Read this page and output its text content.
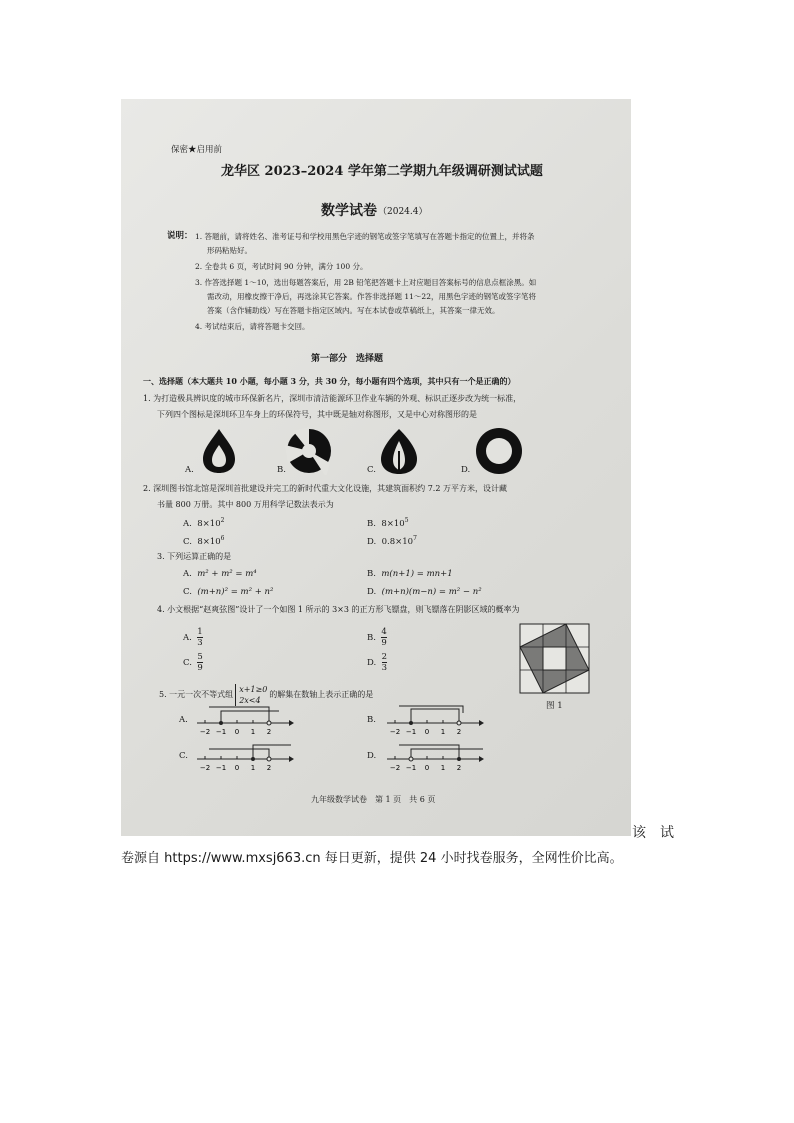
保密★启用前
龙华区 2023–2024 学年第二学期九年级调研测试试题
数学试卷 （2024.4）
说明： 1. 答题前，请将姓名、准考证号和学校用黑色字迹的钢笔或签字笔填写在答题卡指定的位置上，并将条
形码粘贴好。
2. 全卷共 6 页，考试时间 90 分钟，满分 100 分。
3. 作答选择题 1～10，选出每题答案后，用 2B 铅笔把答题卡上对应题目答案标号的信息点框涂黑。如
需改动，用橡皮擦干净后，再选涂其它答案。作答非选择题 11～22，用黑色字迹的钢笔或签字笔将
答案（含作辅助线）写在答题卡指定区域内。写在本试卷或草稿纸上，其答案一律无效。
4. 考试结束后，请将答题卡交回。
第一部分　选择题
一、选择题（本大题共 10 小题，每小题 3 分，共 30 分，每小题有四个选项，其中只有一个是正确的）
1. 为打造极具辨识度的城市环保新名片，深圳市清洁能源环卫作业车辆的外观、标识正逐步改为统一标准，
下列四个图标是深圳环卫车身上的环保符号，其中既是轴对称图形，又是中心对称图形的是
A.	B.	C.	D.
2. 深圳图书馆北馆是深圳首批建设并完工的新时代重大文化设施，其建筑面积约 7.2 万平方米，设计藏
书量 800 万册。其中 800 万用科学记数法表示为
A. $8\times 10^2$	B. $8\times 10^5$
C. $8\times 10^6$	D. $0.8\times 10^7$
3. 下列运算正确的是
A. m² + m² = m⁴	B. m(n+1) = mn+1
C. (m+n)² = m² + n²	D. (m+n)(m−n) = m² − n²
4. 小文根据“赵爽弦图”设计了一个如图 1 所示的 3×3 的正方形飞镖盘，则飞镖落在阴影区域的概率为
A. $\frac{1}{3}$	B. $\frac{4}{9}$
C. $\frac{5}{9}$	D. $\frac{2}{3}$
图 1
5. 一元一次不等式组
x+1≥0
2x<4
的解集在数轴上表示正确的是
A.	B.
C.	D.
−2 −1 0 1 2	−2 −1 0 1 2
−2 −1 0 1 2	−2 −1 0 1 2
九年级数学试卷　第 1 页　共 6 页
该　试
卷源自 https://www.mxsj663.cn 每日更新，提供 24 小时找卷服务，全网性价比高。
